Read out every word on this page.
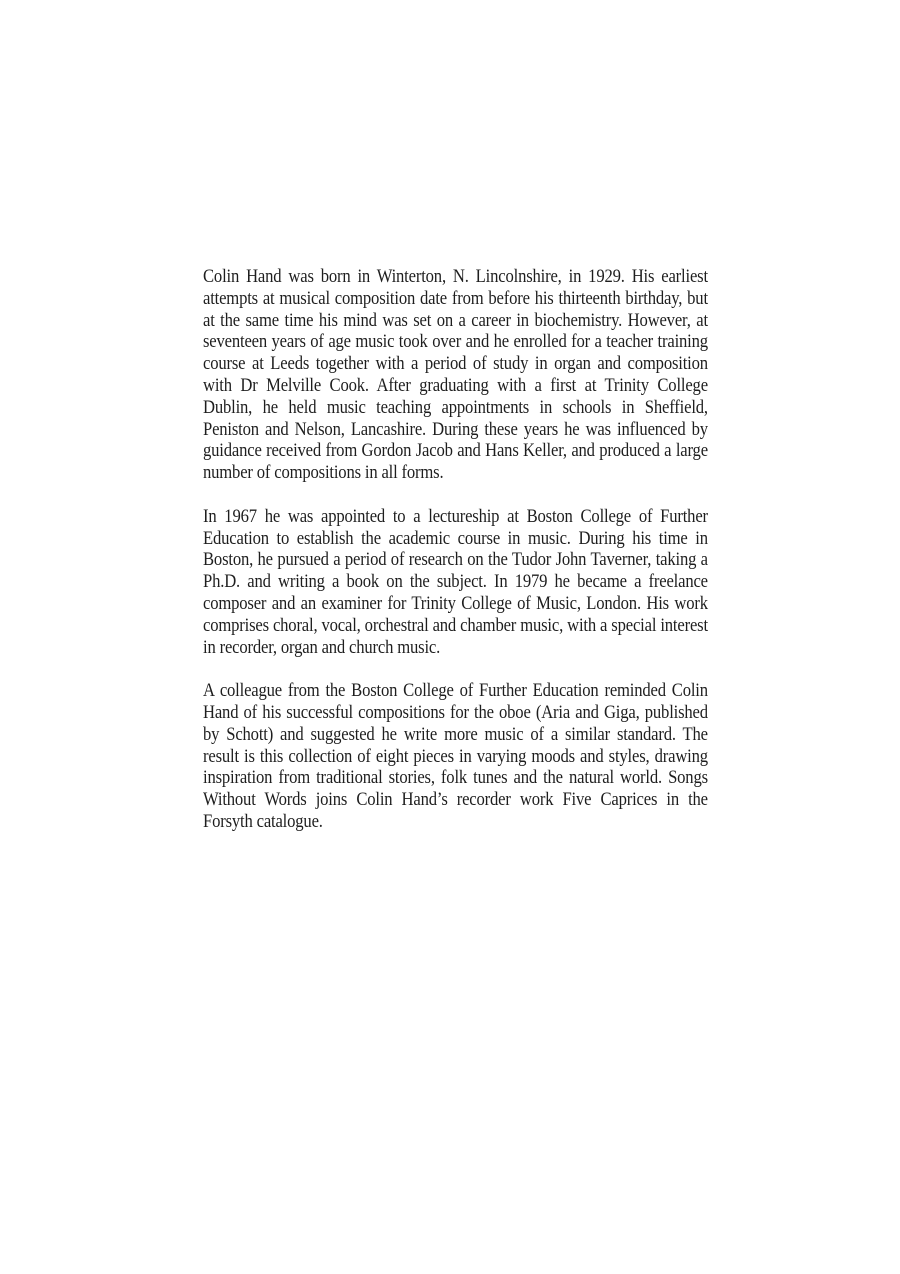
Colin Hand was born in Winterton, N. Lincolnshire, in 1929. His earliest attempts at musical composition date from before his thirteenth birthday, but at the same time his mind was set on a career in biochemistry. However, at seventeen years of age music took over and he enrolled for a teacher training course at Leeds together with a period of study in organ and composition with Dr Melville Cook. After graduating with a first at Trinity College Dublin, he held music teaching appointments in schools in Sheffield, Peniston and Nelson, Lancashire. During these years he was influenced by guidance received from Gordon Jacob and Hans Keller, and produced a large number of compositions in all forms.

In 1967 he was appointed to a lectureship at Boston College of Further Education to establish the academic course in music. During his time in Boston, he pursued a period of research on the Tudor John Taverner, taking a Ph.D. and writing a book on the subject. In 1979 he became a freelance composer and an examiner for Trinity College of Music, London. His work comprises choral, vocal, orchestral and chamber music, with a special interest in recorder, organ and church music.

A colleague from the Boston College of Further Education reminded Colin Hand of his successful compositions for the oboe (Aria and Giga, published by Schott) and suggested he write more music of a similar standard. The result is this collection of eight pieces in varying moods and styles, drawing inspiration from traditional stories, folk tunes and the natural world. Songs Without Words joins Colin Hand’s recorder work Five Caprices in the Forsyth catalogue.
